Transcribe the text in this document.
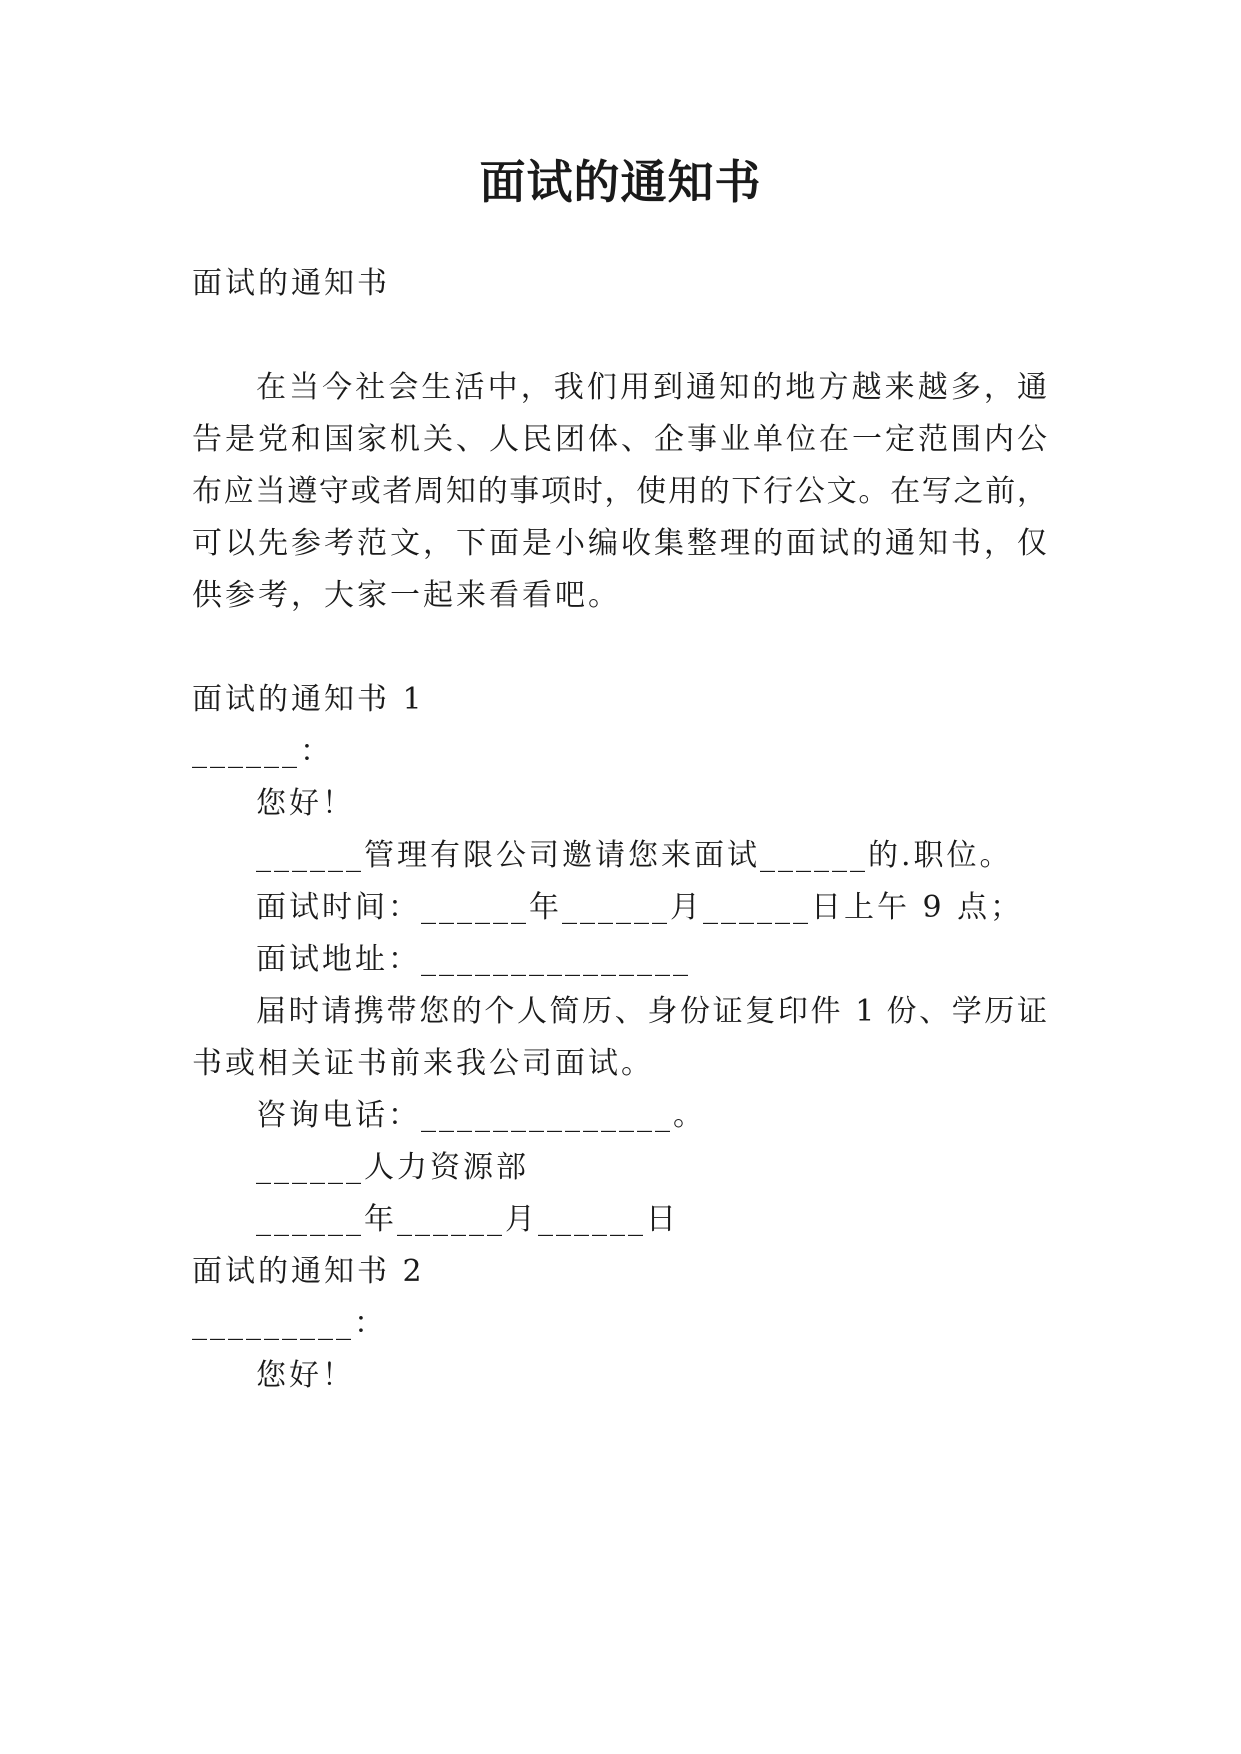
面试的通知书

面试的通知书

在当今社会生活中，我们用到通知的地方越来越多，通

告是党和国家机关、人民团体、企事业单位在一定范围内公

布应当遵守或者周知的事项时，使用的下行公文。在写之前，

可以先参考范文，下面是小编收集整理的面试的通知书，仅

供参考，大家一起来看看吧。

面试的通知书 1

______：

您好！

______管理有限公司邀请您来面试______的.职位。

面试时间：______年______月______日上午 9 点；

面试地址：_______________

届时请携带您的个人简历、身份证复印件 1 份、学历证

书或相关证书前来我公司面试。

咨询电话：______________。

______人力资源部

______年______月______日

面试的通知书 2

_________：

您好！
